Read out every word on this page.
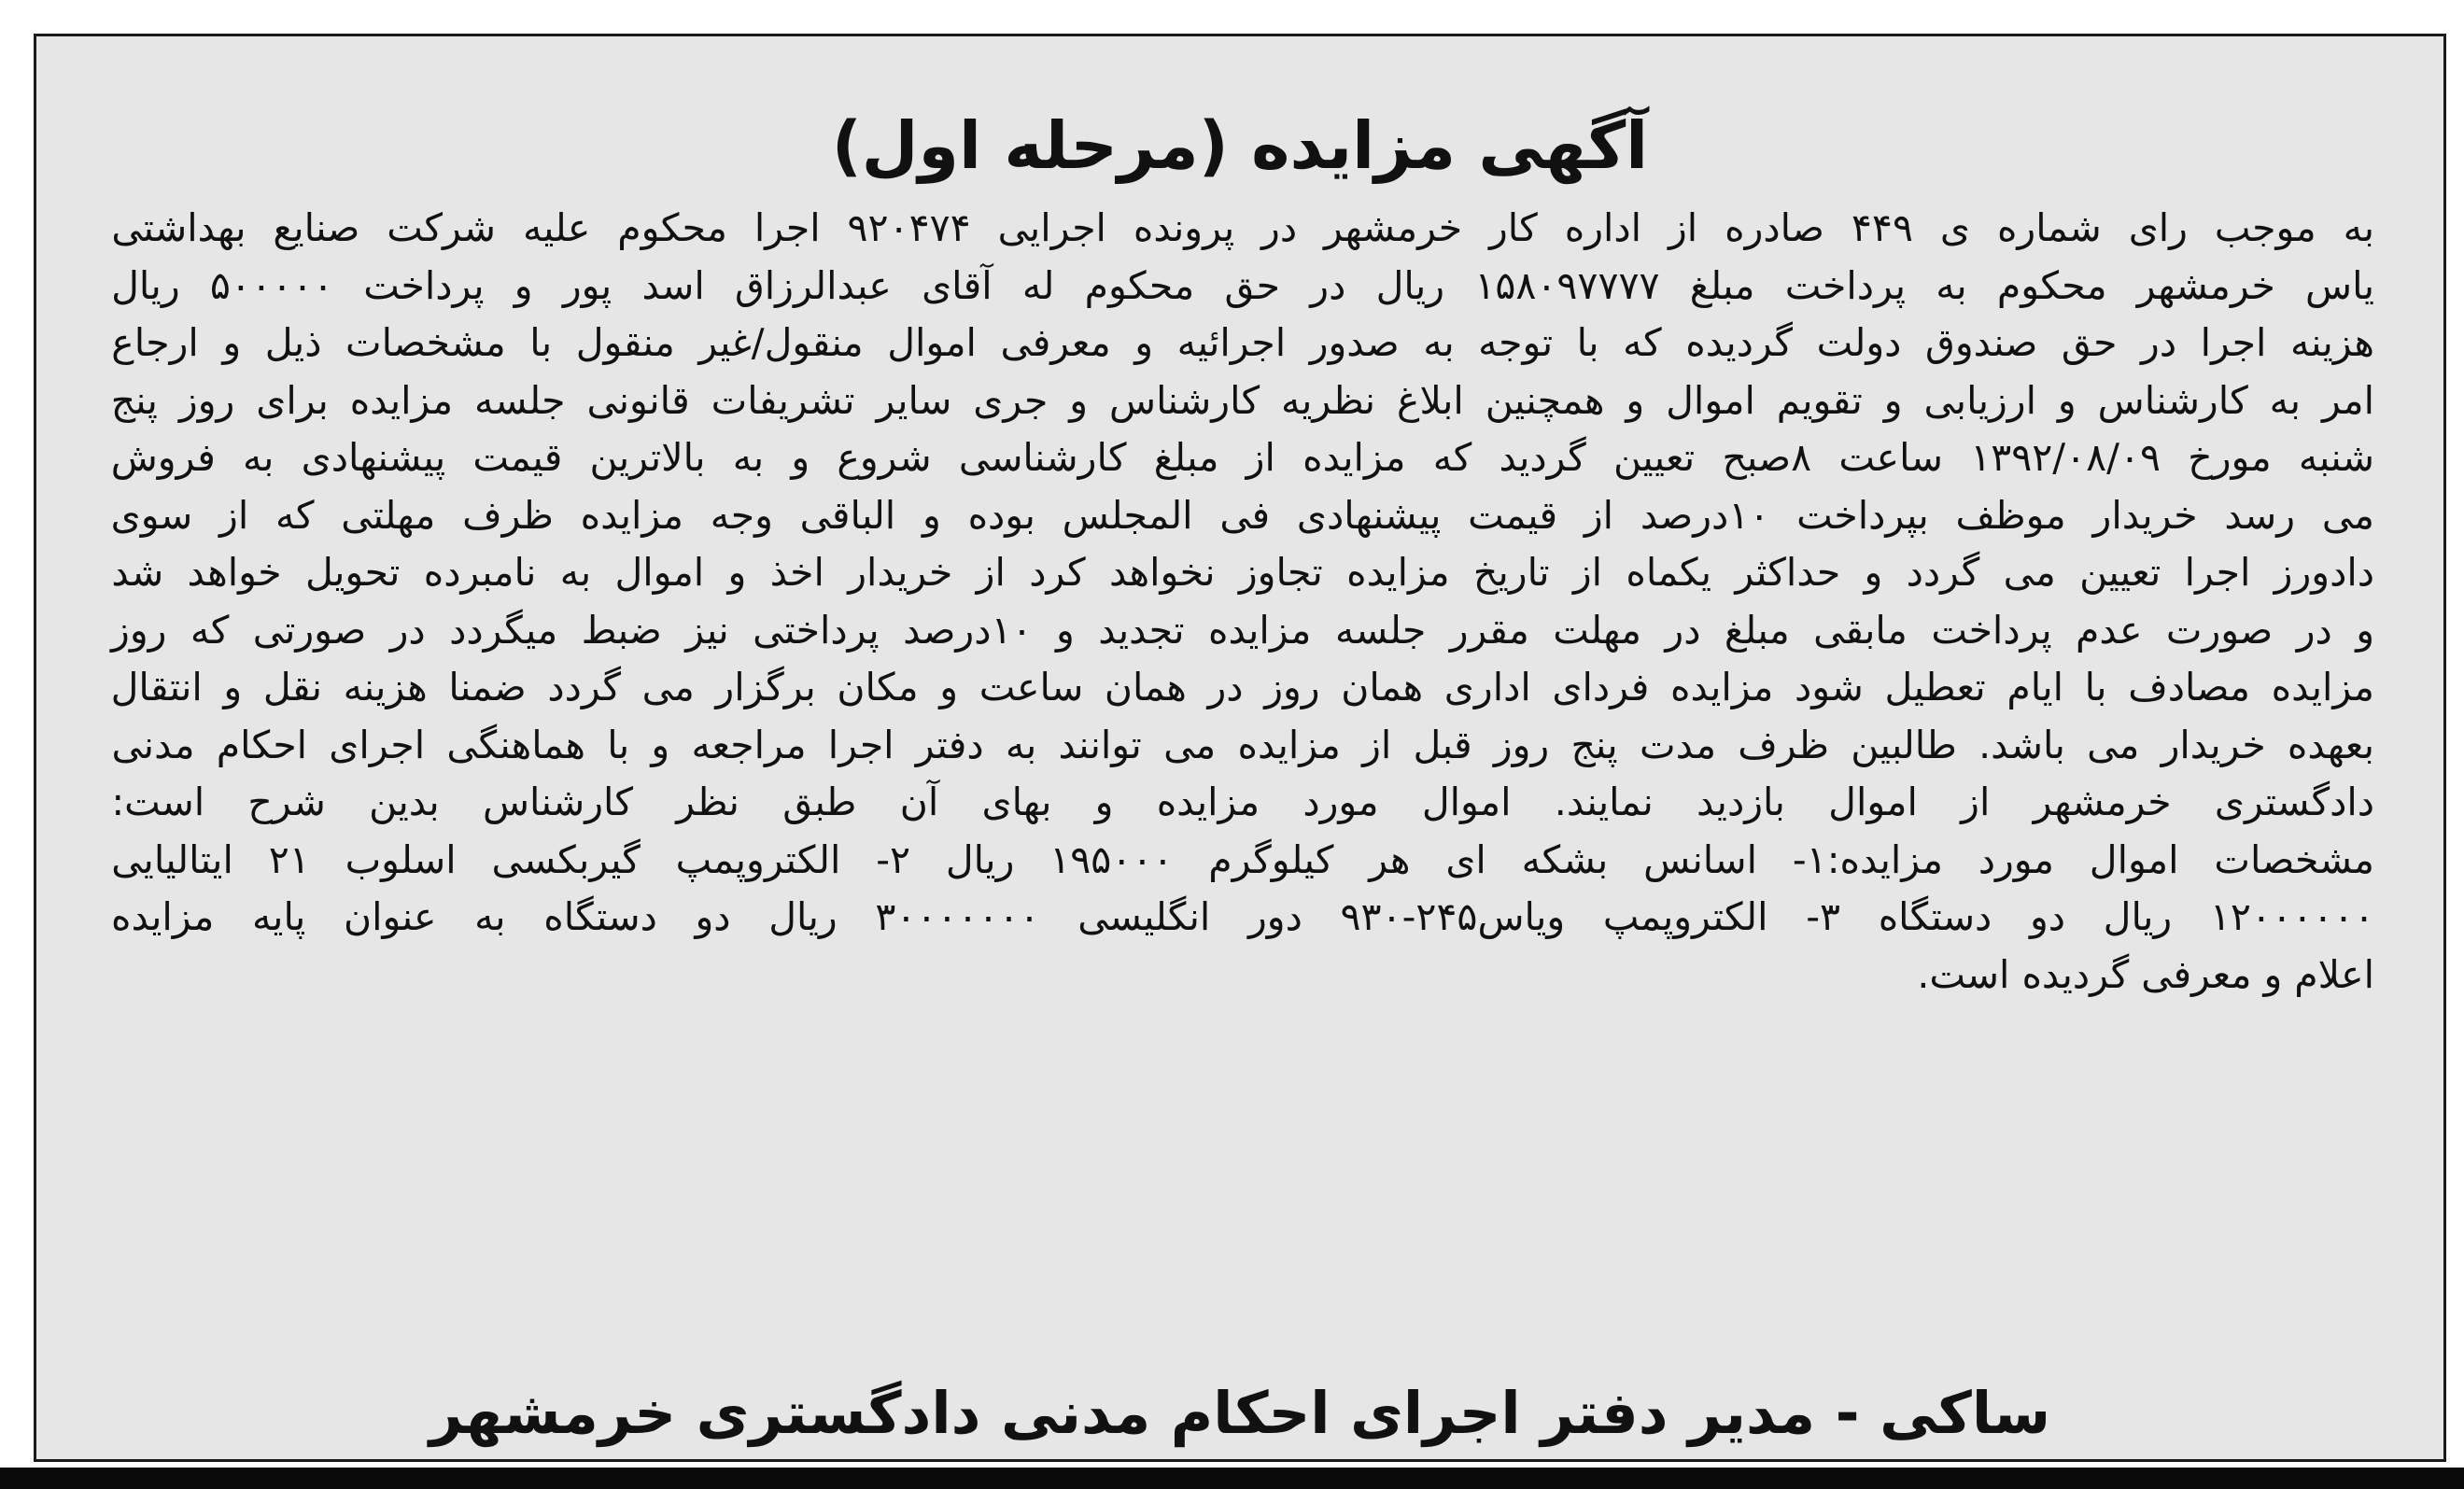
آگهی مزایده (مرحله اول)
به موجب رای شماره ی ۴۴۹ صادره از اداره کار خرمشهر در پرونده اجرایی ۹۲۰۴۷۴ اجرا محکوم علیه شرکت صنایع بهداشتی
یاس خرمشهر محکوم به پرداخت مبلغ ۱۵۸۰۹۷۷۷۷ ریال در حق محکوم له آقای عبدالرزاق اسد پور و پرداخت ۵۰۰۰۰۰ ریال
هزینه اجرا در حق صندوق دولت گردیده که با توجه به صدور اجرائیه و معرفی اموال منقول/غیر منقول با مشخصات ذیل و ارجاع
امر به کارشناس و ارزیابی و تقویم اموال و همچنین ابلاغ نظریه کارشناس و جری سایر تشریفات قانونی جلسه مزایده برای روز پنج
شنبه مورخ ۱۳۹۲/۰۸/۰۹ ساعت ۸صبح تعیین گردید که مزایده از مبلغ کارشناسی شروع و به بالاترین قیمت پیشنهادی به فروش
می رسد خریدار موظف بپرداخت ۱۰درصد از قیمت پیشنهادی فی المجلس بوده و الباقی وجه مزایده ظرف مهلتی که از سوی
دادورز اجرا تعیین می گردد و حداکثر یکماه از تاریخ مزایده تجاوز نخواهد کرد از خریدار اخذ و اموال به نامبرده تحویل خواهد شد
و در صورت عدم پرداخت مابقی مبلغ در مهلت مقرر جلسه مزایده تجدید و ۱۰درصد پرداختی نیز ضبط میگردد در صورتی که روز
مزایده مصادف با ایام تعطیل شود مزایده فردای اداری همان روز در همان ساعت و مکان برگزار می گردد ضمنا هزینه نقل و انتقال
بعهده خریدار می باشد. طالبین ظرف مدت پنج روز قبل از مزایده می توانند به دفتر اجرا مراجعه و با هماهنگی اجرای احکام مدنی
دادگستری خرمشهر از اموال بازدید نمایند. اموال مورد مزایده و بهای آن طبق نظر کارشناس بدین شرح است:
مشخصات اموال مورد مزایده:۱- اسانس بشکه ای هر کیلوگرم ۱۹۵۰۰۰ ریال ۲- الکتروپمپ گیربکسی اسلوب ۲۱ ایتالیایی
۱۲۰۰۰۰۰۰ ریال دو دستگاه ۳- الکتروپمپ ویاس۲۴۵-۹۳۰ دور انگلیسی ۳۰۰۰۰۰۰۰ ریال دو دستگاه به عنوان پایه مزایده
اعلام و معرفی گردیده است.
ساکی - مدیر دفتر اجرای احکام مدنی دادگستری خرمشهر
